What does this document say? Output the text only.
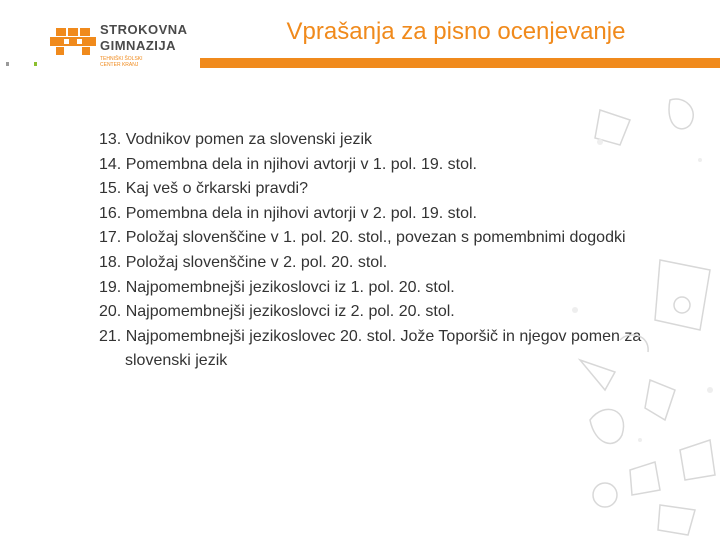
STROKOVNA
GIMNAZIJA
TEHNIŠKI ŠOLSKI
CENTER KRANJ
Vprašanja za pisno ocenjevanje
13. Vodnikov pomen za slovenski jezik
14. Pomembna dela in njihovi avtorji v 1. pol. 19. stol.
15. Kaj veš o črkarski pravdi?
16. Pomembna dela in njihovi avtorji v 2. pol. 19. stol.
17. Položaj slovenščine v 1. pol. 20. stol., povezan s pomembnimi dogodki
18. Položaj slovenščine v 2. pol. 20. stol.
19. Najpomembnejši jezikoslovci iz 1. pol. 20. stol.
20. Najpomembnejši jezikoslovci iz 2. pol. 20. stol.
21. Najpomembnejši jezikoslovec 20. stol. Jože Toporšič in njegov pomen za slovenski jezik
